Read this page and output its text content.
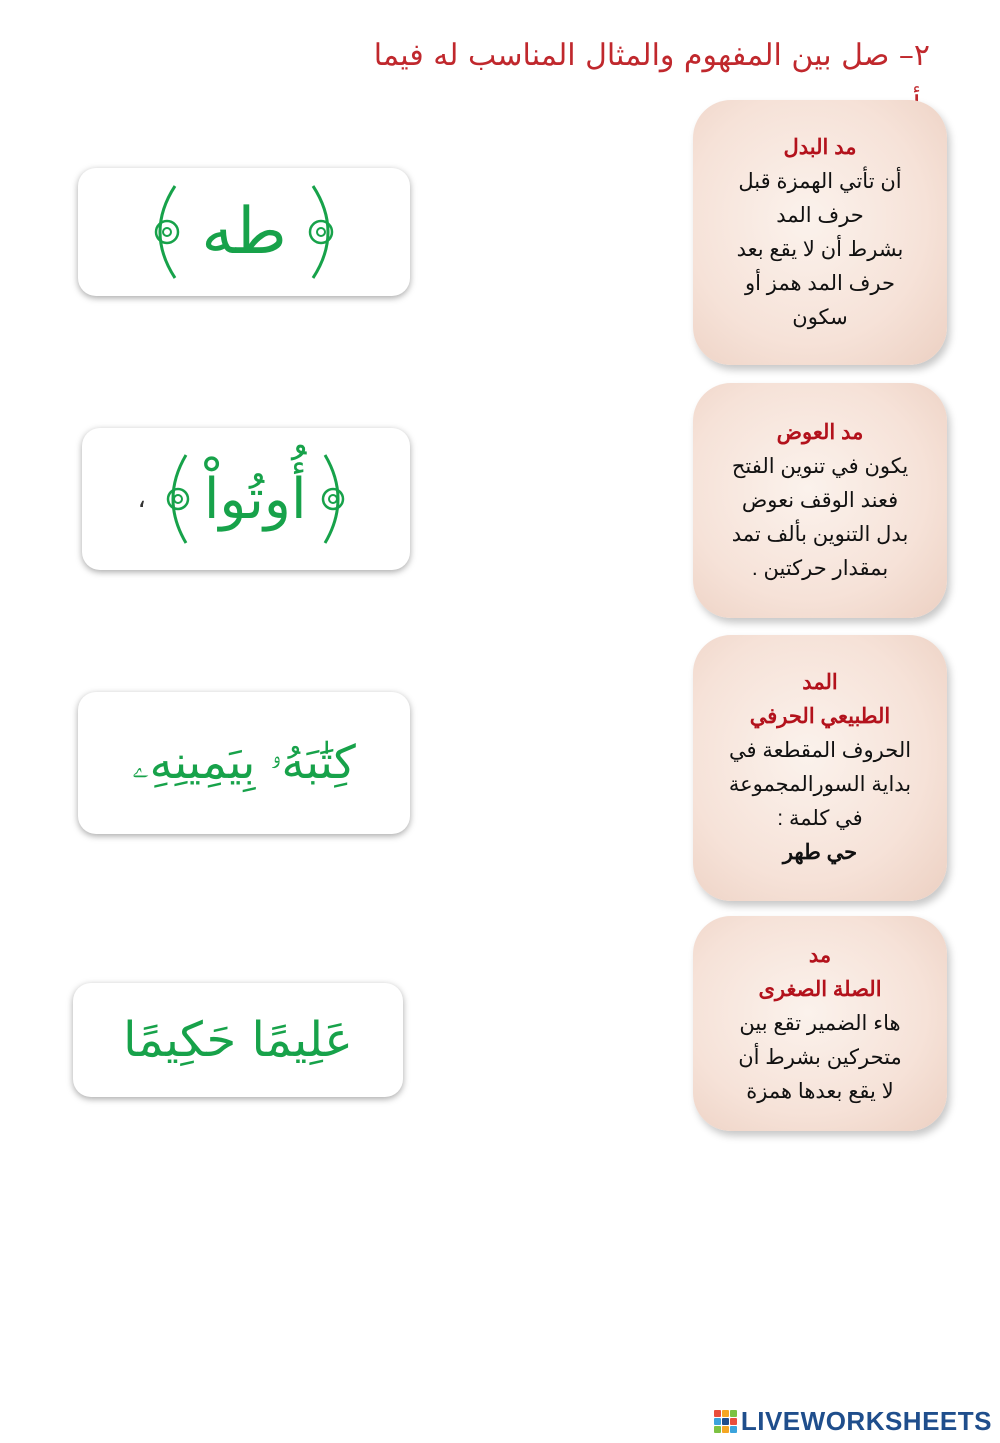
٢– صل بين المفهوم والمثال المناسب له فيما
مد البدل
أن تأتي الهمزة قبل
حرف المد
بشرط أن لا يقع بعد
حرف المد همز أو
سكون
مد العوض
يكون في تنوين الفتح
فعند الوقف نعوض
بدل التنوين بألف تمد
بمقدار حركتين .
المد
الطبيعي الحرفي
الحروف المقطعة في
بداية السورالمجموعة
في كلمة :
حي طهر
مد
الصلة الصغرى
هاء الضمير تقع بين
متحركين بشرط أن
لا يقع بعدها همزة
طه
، أُوتُواْ
كِتَٰبَهُۥ بِيَمِينِهِۦ
عَلِيمًا حَكِيمًا
LIVEWORKSHEETS
